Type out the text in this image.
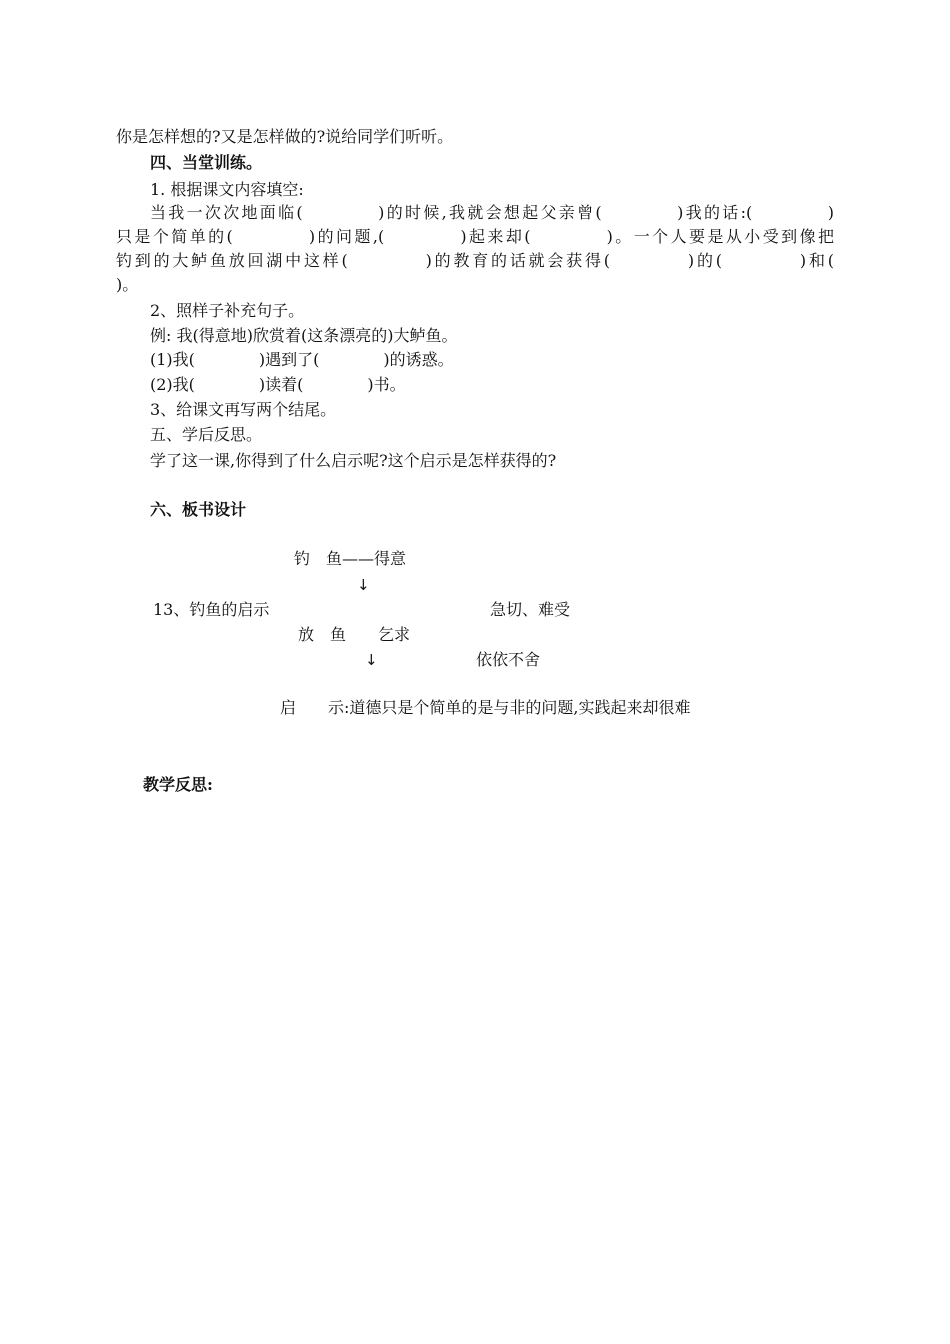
你是怎样想的?又是怎样做的?说给同学们听听。
四、当堂训练。
1. 根据课文内容填空:
当我一次次地面临(　　　　)的时候,我就会想起父亲曾(　　　　)我的话:(　　　　)
只是个简单的(　　　　)的问题,(　　　　)起来却(　　　　)。一个人要是从小受到像把
钓到的大鲈鱼放回湖中这样(　　　　)的教育的话就会获得(　　　　)的(　　　　)和(
)。
2、照样子补充句子。
例: 我(得意地)欣赏着(这条漂亮的)大鲈鱼。
(1)我(　　　　)遇到了(　　　　)的诱惑。
(2)我(　　　　)读着(　　　　)书。
3、给课文再写两个结尾。
五、学后反思。
学了这一课,你得到了什么启示呢?这个启示是怎样获得的?
六、板书设计
钓　鱼——得意
↓
13、钓鱼的启示	急切、难受
放　鱼　　乞求
↓	依依不舍
启　　示:道德只是个简单的是与非的问题,实践起来却很难
教学反思:
